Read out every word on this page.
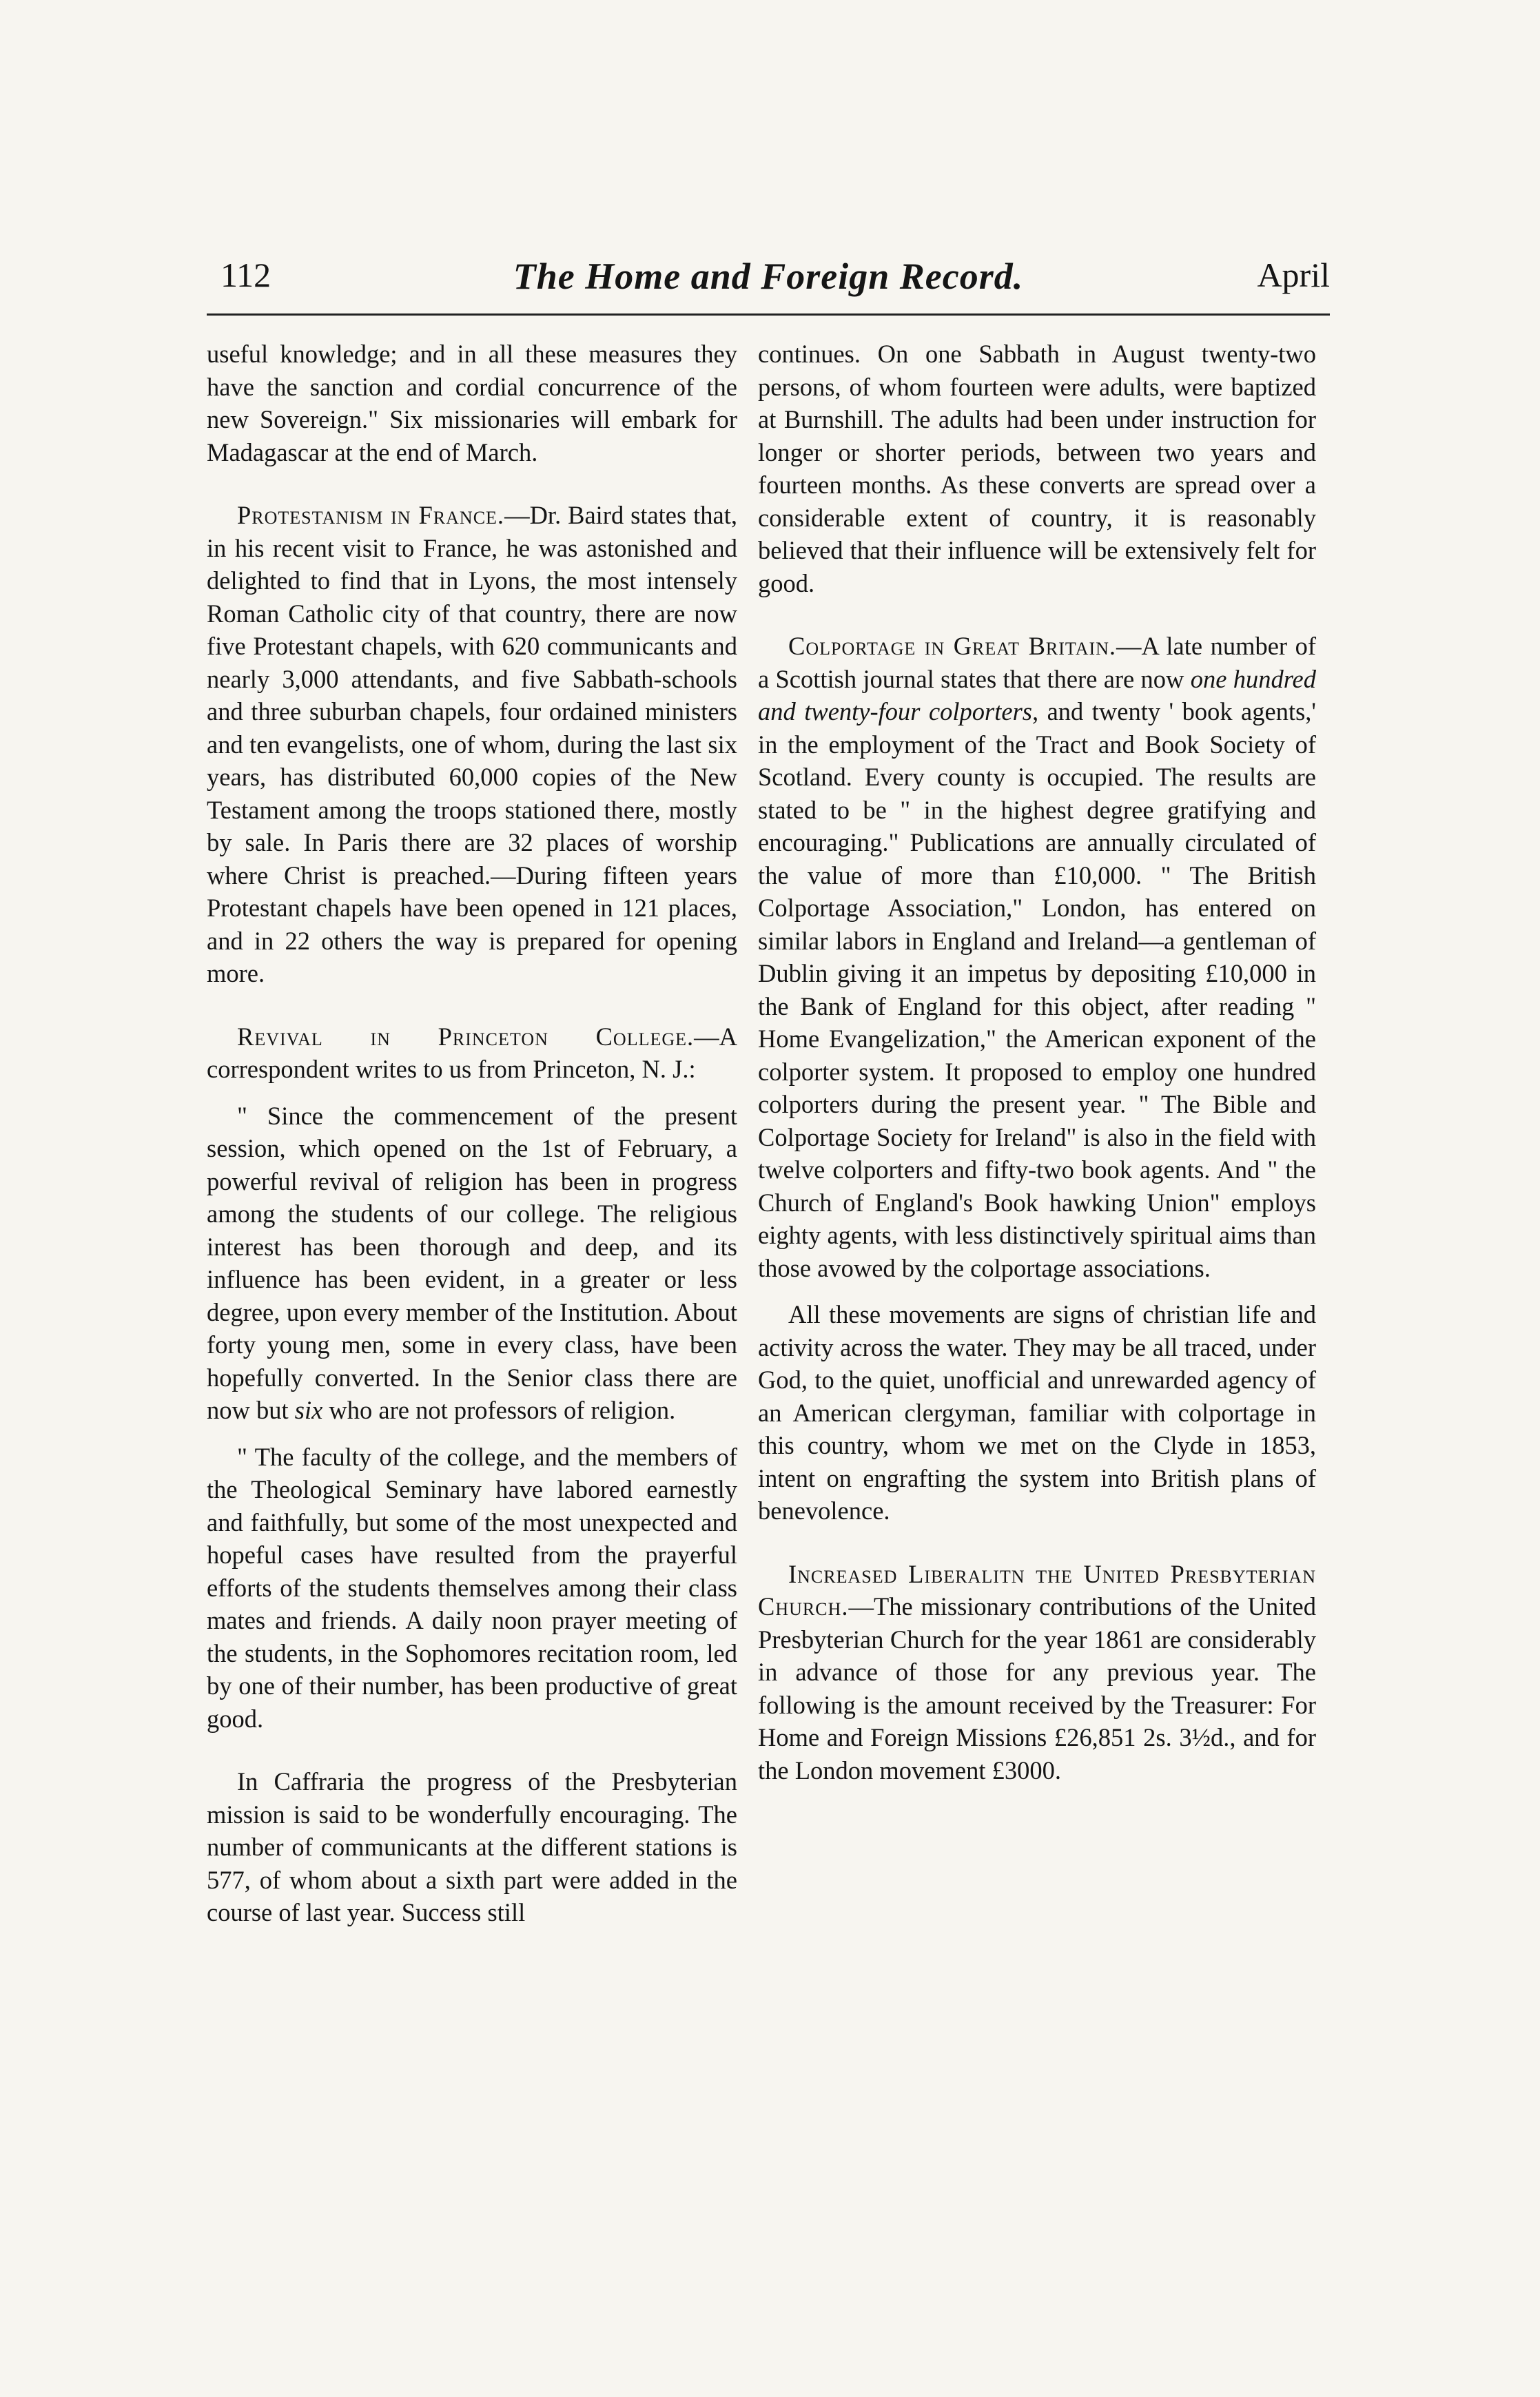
112	The Home and Foreign Record.	April

useful knowledge; and in all these measures they have the sanction and cordial concurrence of the new Sovereign." Six missionaries will embark for Madagascar at the end of March.

Protestanism in France.—Dr. Baird states that, in his recent visit to France, he was astonished and delighted to find that in Lyons, the most intensely Roman Catholic city of that country, there are now five Protestant chapels, with 620 communicants and nearly 3,000 attendants, and five Sabbath-schools and three suburban chapels, four ordained ministers and ten evangelists, one of whom, during the last six years, has distributed 60,000 copies of the New Testament among the troops stationed there, mostly by sale. In Paris there are 32 places of worship where Christ is preached.—During fifteen years Protestant chapels have been opened in 121 places, and in 22 others the way is prepared for opening more.

Revival in Princeton College.—A correspondent writes to us from Princeton, N. J.:

" Since the commencement of the present session, which opened on the 1st of February, a powerful revival of religion has been in progress among the students of our college. The religious interest has been thorough and deep, and its influence has been evident, in a greater or less degree, upon every member of the Institution. About forty young men, some in every class, have been hopefully converted. In the Senior class there are now but six who are not professors of religion.

" The faculty of the college, and the members of the Theological Seminary have labored earnestly and faithfully, but some of the most unexpected and hopeful cases have resulted from the prayerful efforts of the students themselves among their class mates and friends. A daily noon prayer meeting of the students, in the Sophomores recitation room, led by one of their number, has been productive of great good.

In Caffraria the progress of the Presbyterian mission is said to be wonderfully encouraging. The number of communicants at the different stations is 577, of whom about a sixth part were added in the course of last year. Success still

continues. On one Sabbath in August twenty-two persons, of whom fourteen were adults, were baptized at Burnshill. The adults had been under instruction for longer or shorter periods, between two years and fourteen months. As these converts are spread over a considerable extent of country, it is reasonably believed that their influence will be extensively felt for good.

Colportage in Great Britain.—A late number of a Scottish journal states that there are now one hundred and twenty-four colporters, and twenty ' book agents,' in the employment of the Tract and Book Society of Scotland. Every county is occupied. The results are stated to be " in the highest degree gratifying and encouraging." Publications are annually circulated of the value of more than £10,000. " The British Colportage Association," London, has entered on similar labors in England and Ireland—a gentleman of Dublin giving it an impetus by depositing £10,000 in the Bank of England for this object, after reading " Home Evangelization," the American exponent of the colporter system. It proposed to employ one hundred colporters during the present year. " The Bible and Colportage Society for Ireland" is also in the field with twelve colporters and fifty-two book agents. And " the Church of England's Book hawking Union" employs eighty agents, with less distinctively spiritual aims than those avowed by the colportage associations.

All these movements are signs of christian life and activity across the water. They may be all traced, under God, to the quiet, unofficial and unrewarded agency of an American clergyman, familiar with colportage in this country, whom we met on the Clyde in 1853, intent on engrafting the system into British plans of benevolence.

Increased Liberalitn the United Presbyterian Church.—The missionary contributions of the United Presbyterian Church for the year 1861 are considerably in advance of those for any previous year. The following is the amount received by the Treasurer: For Home and Foreign Missions £26,851 2s. 3½d., and for the London movement £3000.
